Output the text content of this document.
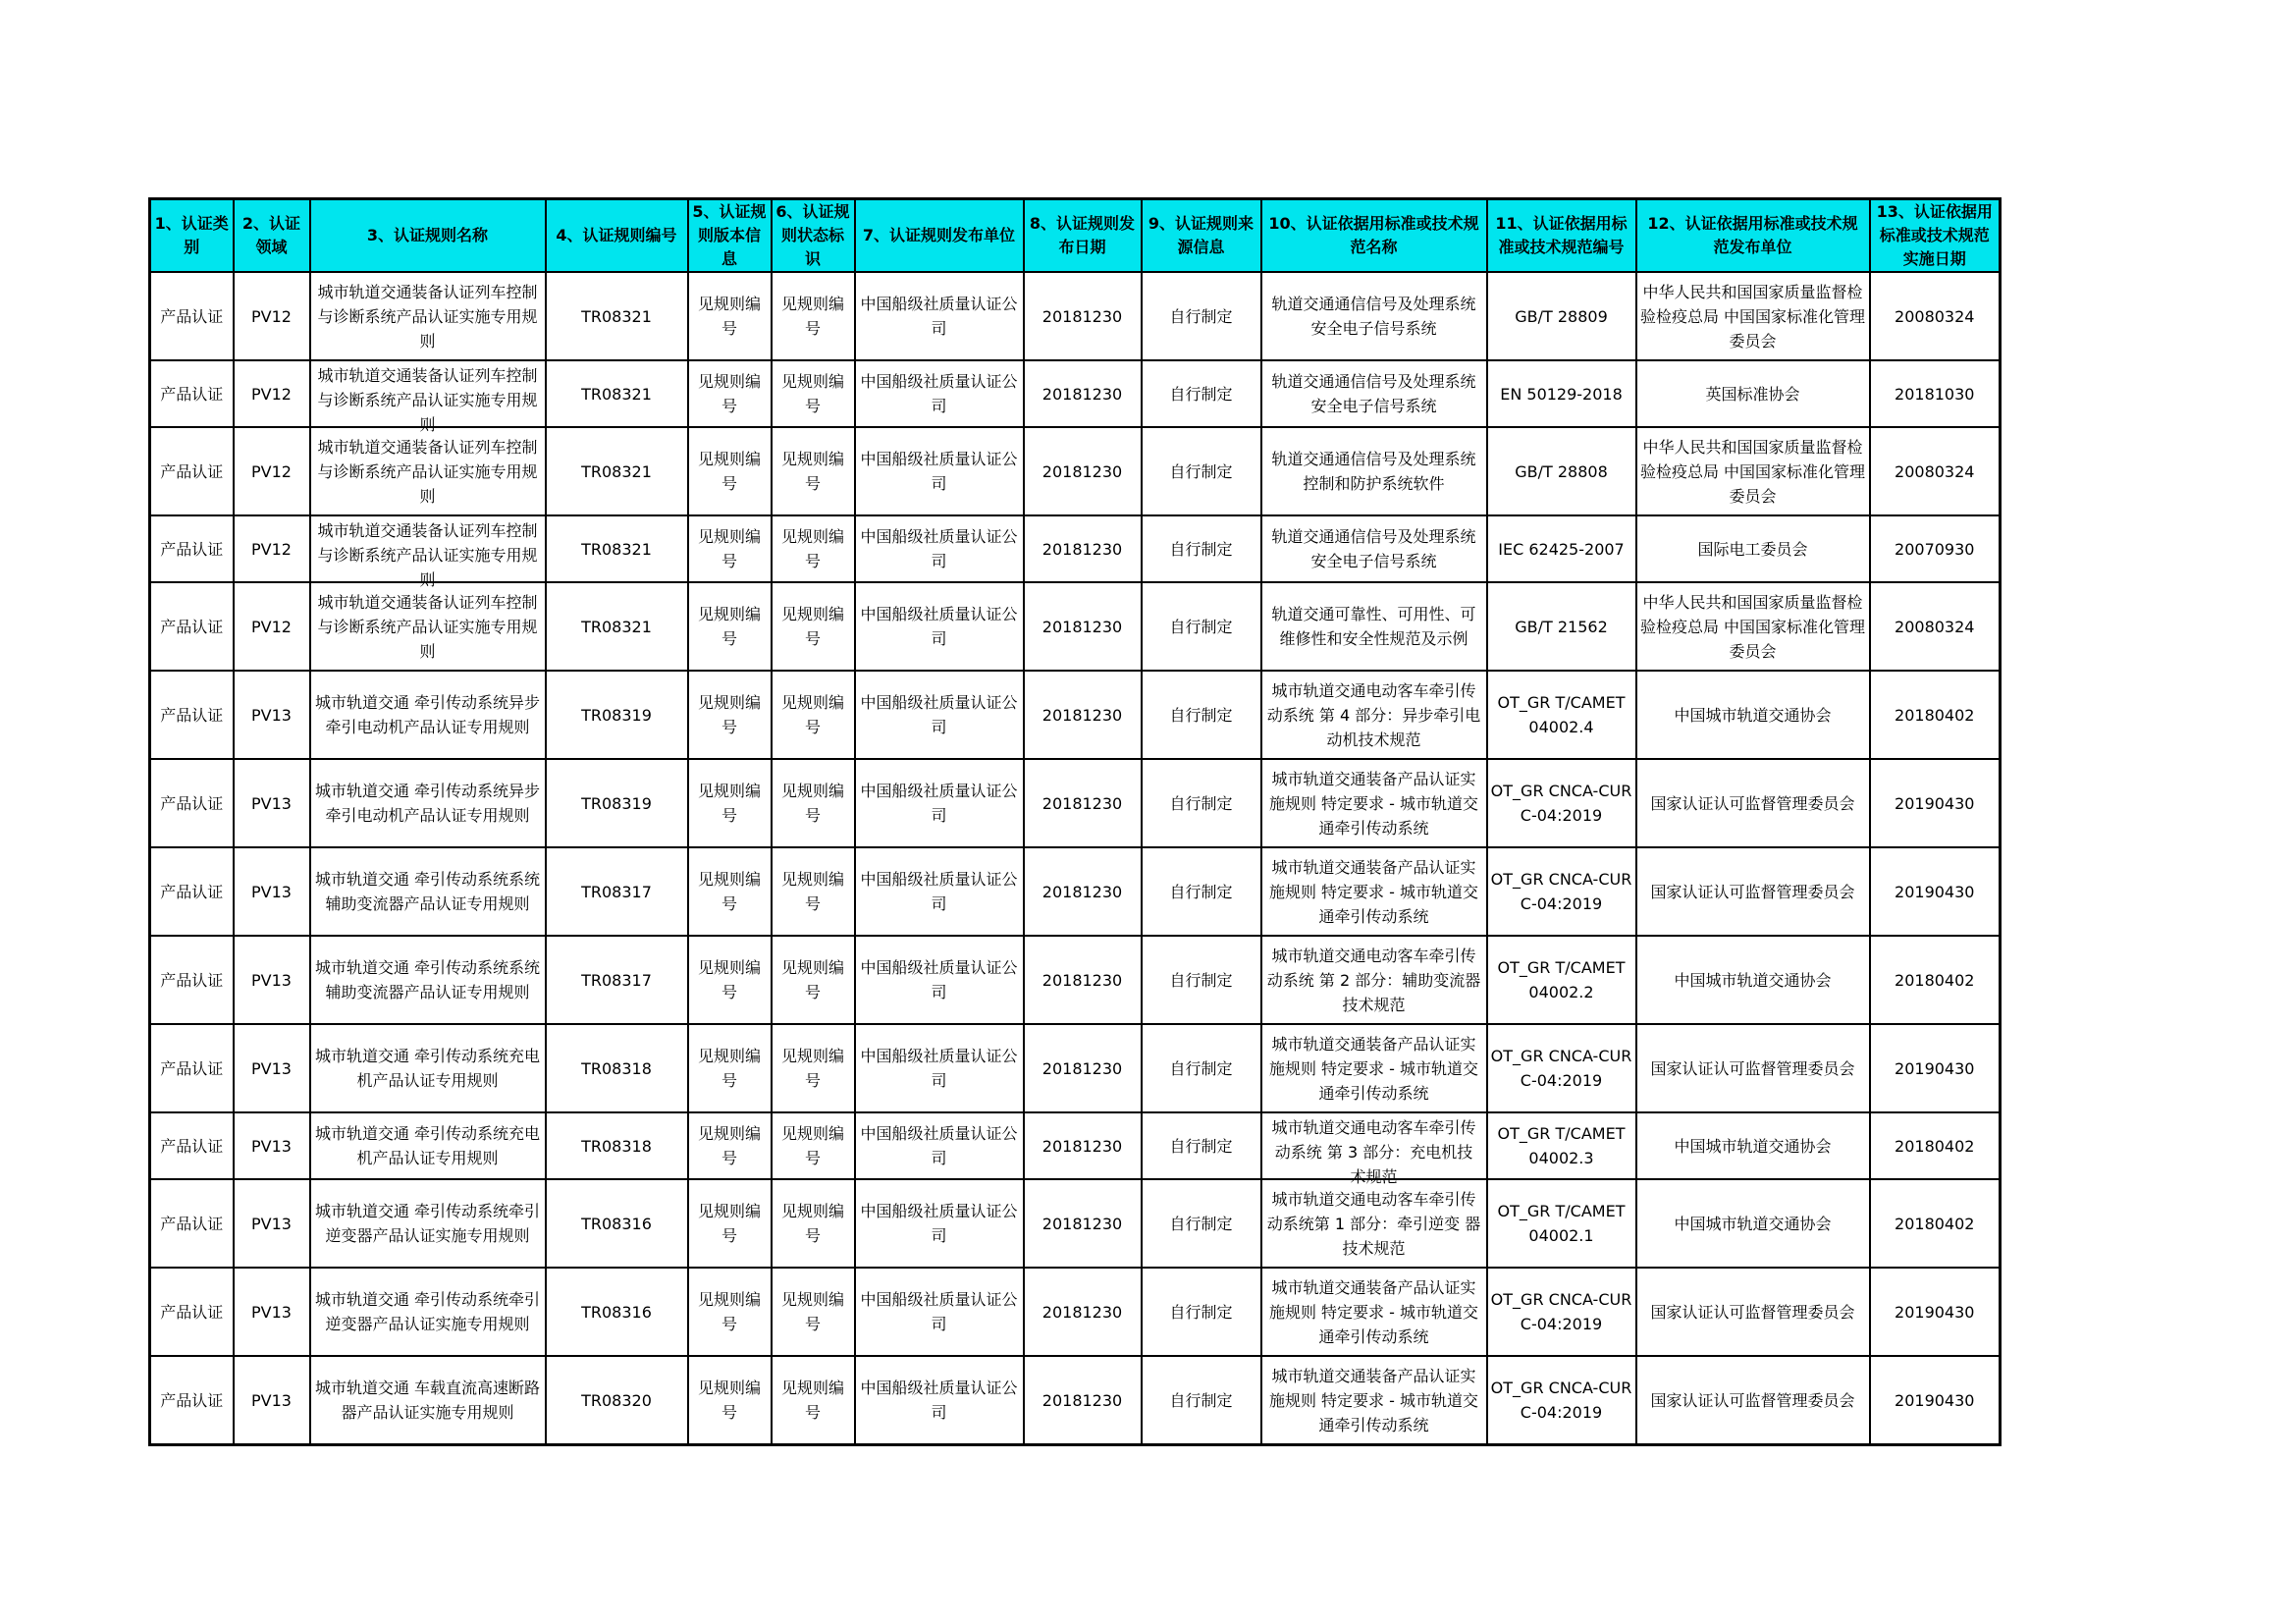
1、认证类别	2、认证领域	3、认证规则名称	4、认证规则编号	5、认证规则版本信息	6、认证规则状态标识	7、认证规则发布单位	8、认证规则发布日期	9、认证规则来源信息	10、认证依据用标准或技术规范名称	11、认证依据用标准或技术规范编号	12、认证依据用标准或技术规范发布单位	13、认证依据用标准或技术规范实施日期

产品认证	PV12	城市轨道交通装备认证列车控制与诊断系统产品认证实施专用规则	TR08321	见规则编号	见规则编号	中国船级社质量认证公司	20181230	自行制定	轨道交通通信信号及处理系统安全电子信号系统	GB/T 28809	中华人民共和国国家质量监督检验检疫总局 中国国家标准化管理委员会	20080324

产品认证	PV12	城市轨道交通装备认证列车控制与诊断系统产品认证实施专用规则	TR08321	见规则编号	见规则编号	中国船级社质量认证公司	20181230	自行制定	轨道交通通信信号及处理系统安全电子信号系统	EN 50129-2018	英国标准协会	20181030

产品认证	PV12	城市轨道交通装备认证列车控制与诊断系统产品认证实施专用规则	TR08321	见规则编号	见规则编号	中国船级社质量认证公司	20181230	自行制定	轨道交通通信信号及处理系统控制和防护系统软件	GB/T 28808	中华人民共和国国家质量监督检验检疫总局 中国国家标准化管理委员会	20080324

产品认证	PV12	城市轨道交通装备认证列车控制与诊断系统产品认证实施专用规则	TR08321	见规则编号	见规则编号	中国船级社质量认证公司	20181230	自行制定	轨道交通通信信号及处理系统安全电子信号系统	IEC 62425-2007	国际电工委员会	20070930

产品认证	PV12	城市轨道交通装备认证列车控制与诊断系统产品认证实施专用规则	TR08321	见规则编号	见规则编号	中国船级社质量认证公司	20181230	自行制定	轨道交通可靠性、可用性、可维修性和安全性规范及示例	GB/T 21562	中华人民共和国国家质量监督检验检疫总局 中国国家标准化管理委员会	20080324

产品认证	PV13	城市轨道交通 牵引传动系统异步牵引电动机产品认证专用规则	TR08319	见规则编号	见规则编号	中国船级社质量认证公司	20181230	自行制定	城市轨道交通电动客车牵引传动系统 第 4 部分：异步牵引电动机技术规范	OT_GR T/CAMET 04002.4	中国城市轨道交通协会	20180402

产品认证	PV13	城市轨道交通 牵引传动系统异步牵引电动机产品认证专用规则	TR08319	见规则编号	见规则编号	中国船级社质量认证公司	20181230	自行制定	城市轨道交通装备产品认证实施规则 特定要求 - 城市轨道交通牵引传动系统	OT_GR CNCA-CURC-04:2019	国家认证认可监督管理委员会	20190430

产品认证	PV13	城市轨道交通 牵引传动系统系统辅助变流器产品认证专用规则	TR08317	见规则编号	见规则编号	中国船级社质量认证公司	20181230	自行制定	城市轨道交通装备产品认证实施规则 特定要求 - 城市轨道交通牵引传动系统	OT_GR CNCA-CURC-04:2019	国家认证认可监督管理委员会	20190430

产品认证	PV13	城市轨道交通 牵引传动系统系统辅助变流器产品认证专用规则	TR08317	见规则编号	见规则编号	中国船级社质量认证公司	20181230	自行制定	城市轨道交通电动客车牵引传动系统 第 2 部分：辅助变流器技术规范	OT_GR T/CAMET 04002.2	中国城市轨道交通协会	20180402

产品认证	PV13	城市轨道交通 牵引传动系统充电机产品认证专用规则	TR08318	见规则编号	见规则编号	中国船级社质量认证公司	20181230	自行制定	城市轨道交通装备产品认证实施规则 特定要求 - 城市轨道交通牵引传动系统	OT_GR CNCA-CURC-04:2019	国家认证认可监督管理委员会	20190430

产品认证	PV13	城市轨道交通 牵引传动系统充电机产品认证专用规则	TR08318	见规则编号	见规则编号	中国船级社质量认证公司	20181230	自行制定	城市轨道交通电动客车牵引传动系统 第 3 部分：充电机技 术规范	OT_GR T/CAMET 04002.3	中国城市轨道交通协会	20180402

产品认证	PV13	城市轨道交通 牵引传动系统牵引逆变器产品认证实施专用规则	TR08316	见规则编号	见规则编号	中国船级社质量认证公司	20181230	自行制定	城市轨道交通电动客车牵引传动系统第 1 部分：牵引逆变 器技术规范	OT_GR T/CAMET 04002.1	中国城市轨道交通协会	20180402

产品认证	PV13	城市轨道交通 牵引传动系统牵引逆变器产品认证实施专用规则	TR08316	见规则编号	见规则编号	中国船级社质量认证公司	20181230	自行制定	城市轨道交通装备产品认证实施规则 特定要求 - 城市轨道交通牵引传动系统	OT_GR CNCA-CURC-04:2019	国家认证认可监督管理委员会	20190430

产品认证	PV13	城市轨道交通 车载直流高速断路器产品认证实施专用规则	TR08320	见规则编号	见规则编号	中国船级社质量认证公司	20181230	自行制定	城市轨道交通装备产品认证实施规则 特定要求 - 城市轨道交通牵引传动系统	OT_GR CNCA-CURC-04:2019	国家认证认可监督管理委员会	20190430
